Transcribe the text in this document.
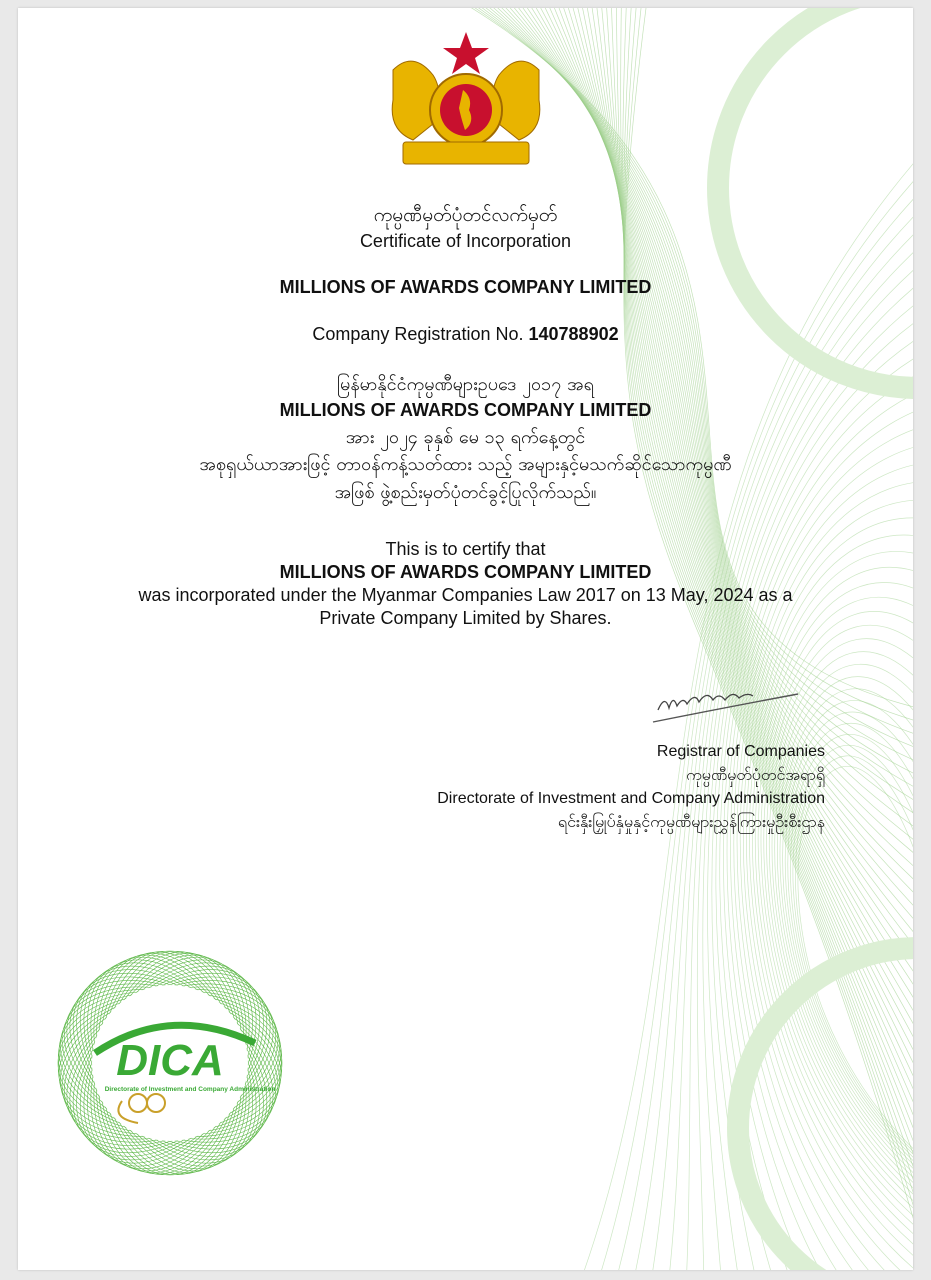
ကုမ္ပဏီမှတ်ပုံတင်လက်မှတ်
Certificate of Incorporation
MILLIONS OF AWARDS COMPANY LIMITED
Company Registration No. 140788902
မြန်မာနိုင်ငံကုမ္ပဏီများဥပဒေ ၂၀၁၇ အရ
MILLIONS OF AWARDS COMPANY LIMITED
အား ၂၀၂၄ ခုနှစ် မေ ၁၃ ရက်နေ့တွင်
အစုရှယ်ယာအားဖြင့် တာဝန်ကန့်သတ်ထား သည့် အများနှင့်မသက်ဆိုင်သောကုမ္ပဏီ
အဖြစ် ဖွဲ့စည်းမှတ်ပုံတင်ခွင့်ပြုလိုက်သည်။
This is to certify that
MILLIONS OF AWARDS COMPANY LIMITED
was incorporated under the Myanmar Companies Law 2017 on 13 May, 2024 as a
Private Company Limited by Shares.
Registrar of Companies
ကုမ္ပဏီမှတ်ပုံတင်အရာရှိ
Directorate of Investment and Company Administration
ရင်းနှီးမြှုပ်နှံမှုနှင့်ကုမ္ပဏီများညွှန်ကြားမှုဦးစီးဌာန
DICA
Directorate of Investment and Company Administration
